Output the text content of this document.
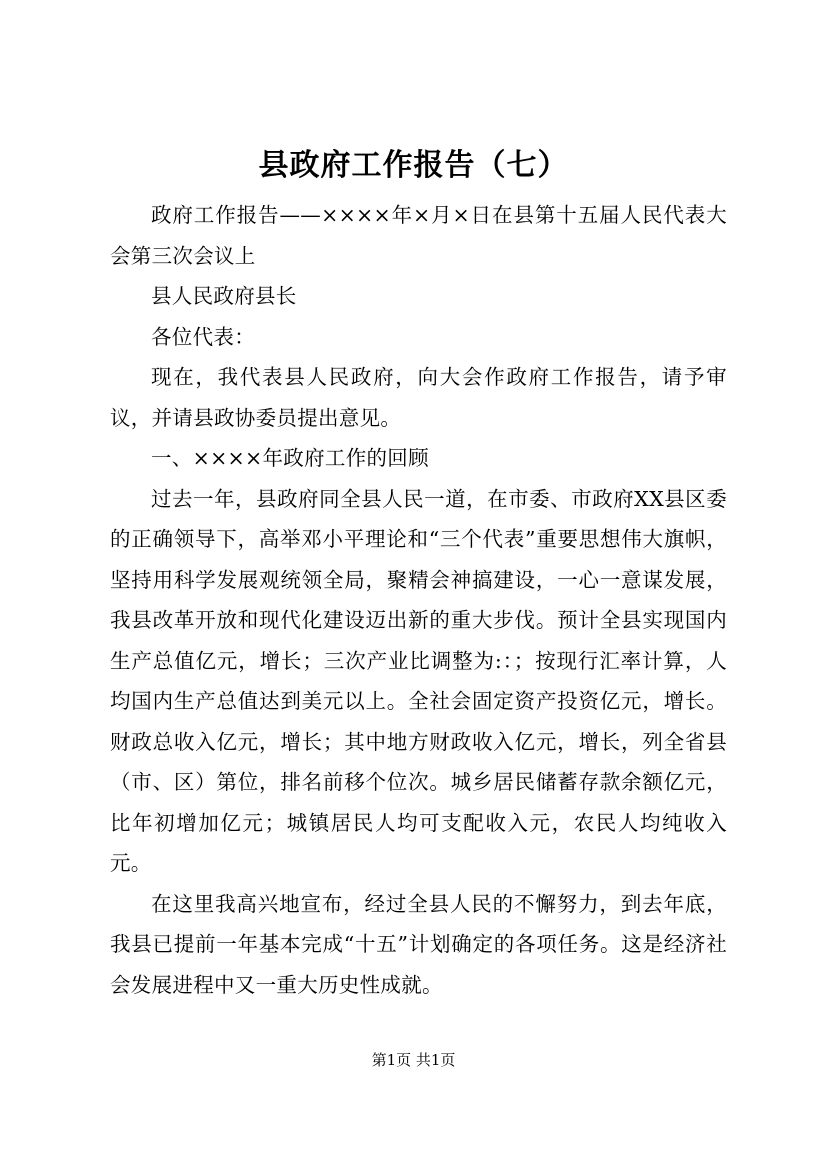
县政府工作报告（七）

政府工作报告——××××年×月×日在县第十五届人民代表大会第三次会议上

县人民政府县长

各位代表：

现在，我代表县人民政府，向大会作政府工作报告，请予审议，并请县政协委员提出意见。

一、××××年政府工作的回顾

过去一年，县政府同全县人民一道，在市委、市政府XX县区委的正确领导下，高举邓小平理论和“三个代表”重要思想伟大旗帜，坚持用科学发展观统领全局，聚精会神搞建设，一心一意谋发展，我县改革开放和现代化建设迈出新的重大步伐。预计全县实现国内生产总值亿元，增长；三次产业比调整为:：；按现行汇率计算，人均国内生产总值达到美元以上。全社会固定资产投资亿元，增长。财政总收入亿元，增长；其中地方财政收入亿元，增长，列全省县（市、区）第位，排名前移个位次。城乡居民储蓄存款余额亿元，比年初增加亿元；城镇居民人均可支配收入元，农民人均纯收入元。

在这里我高兴地宣布，经过全县人民的不懈努力，到去年底，我县已提前一年基本完成“十五”计划确定的各项任务。这是经济社会发展进程中又一重大历史性成就。

第1页 共1页
